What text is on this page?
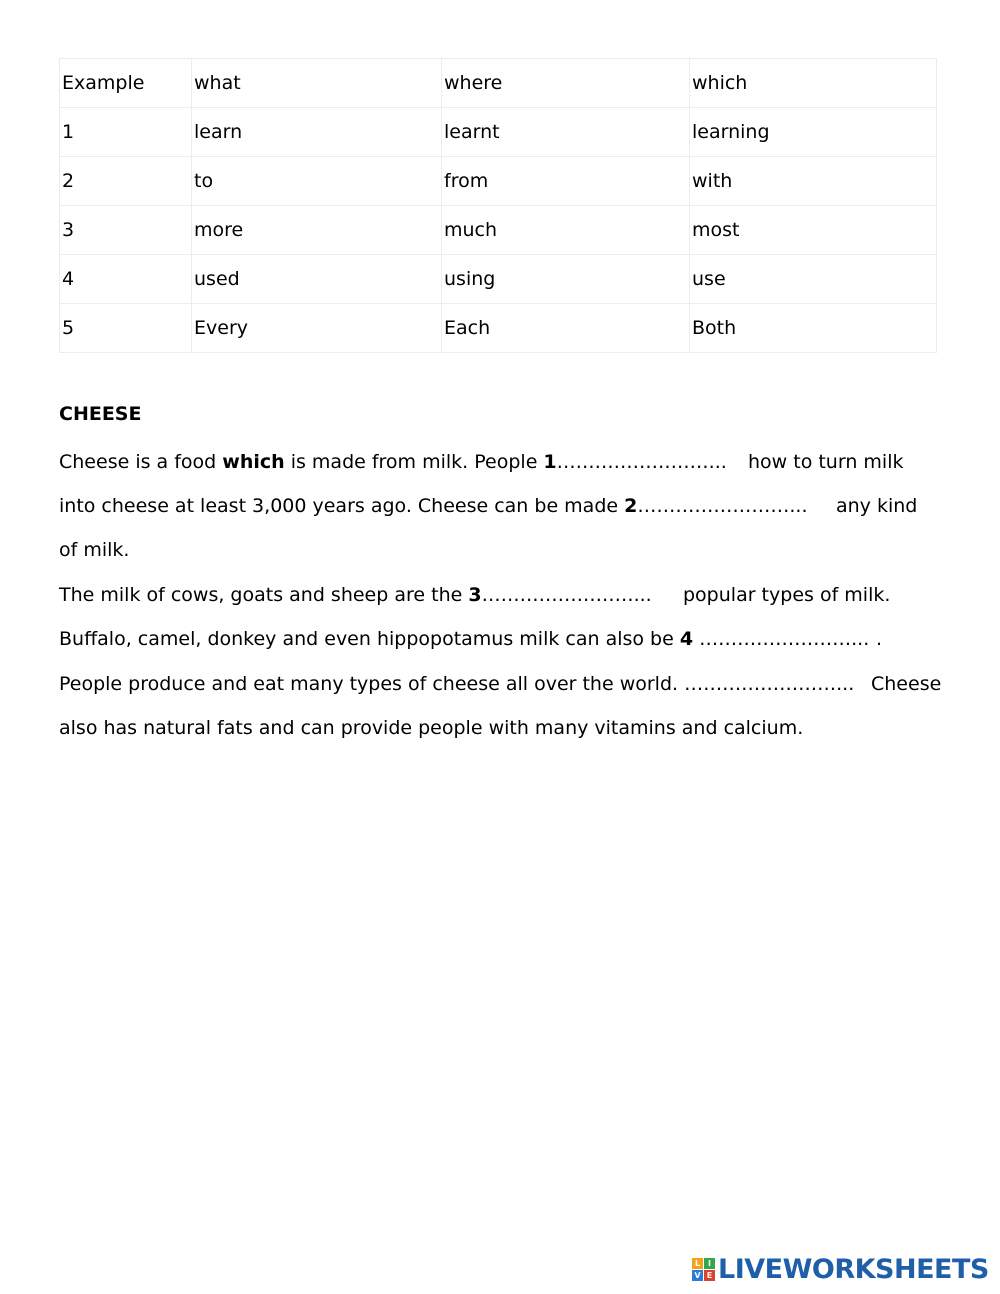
Example	what	where	which
1	learn	learnt	learning
2	to	from	with
3	more	much	most
4	used	using	use
5	Every	Each	Both
CHEESE
Cheese is a food which is made from milk. People 1……………………... how to turn milk
into cheese at least 3,000 years ago. Cheese can be made 2……………………... any kind
of milk.
The milk of cows, goats and sheep are the 3……………………... popular types of milk.
Buffalo, camel, donkey and even hippopotamus milk can also be 4 ……………………... .
People produce and eat many types of cheese all over the world. ……………………... Cheese
also has natural fats and can provide people with many vitamins and calcium.
L I
V E LIVEWORKSHEETS
